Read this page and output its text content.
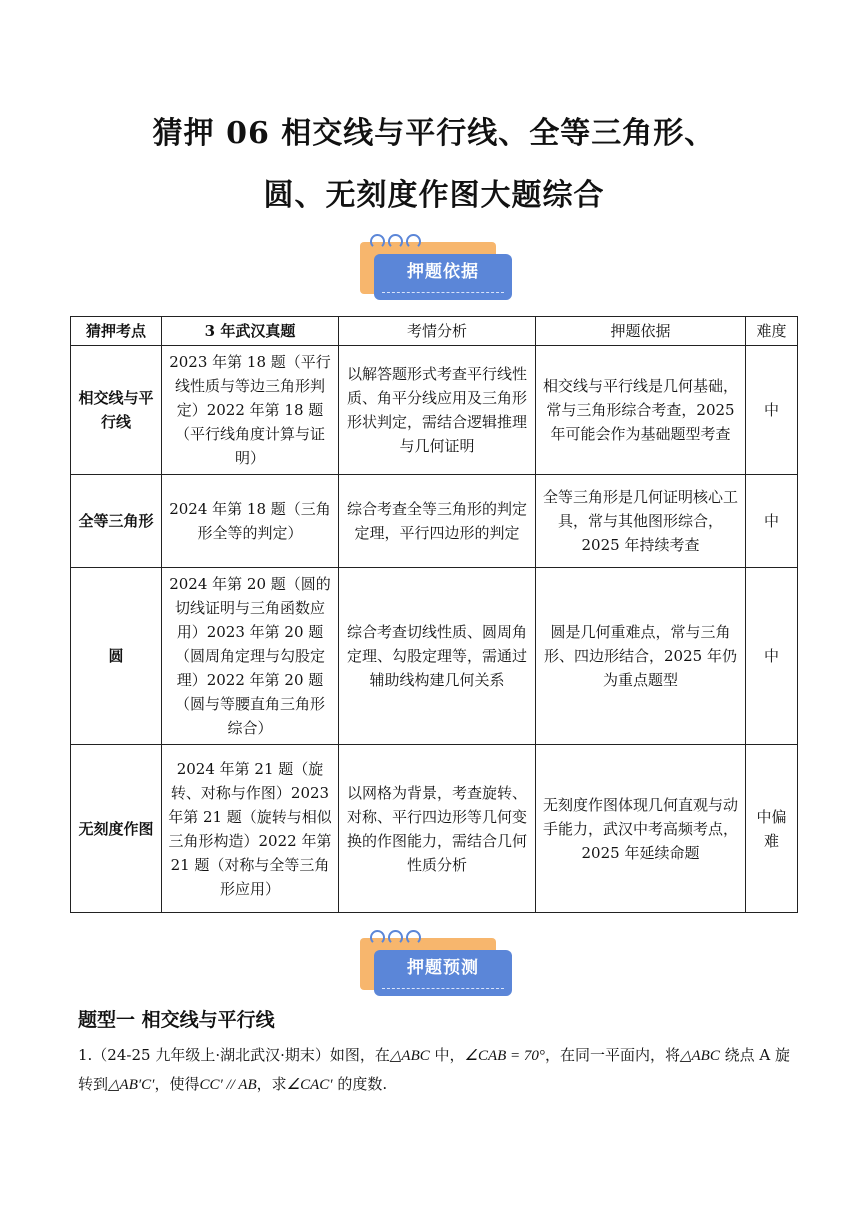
猜押 06 相交线与平行线、全等三角形、
圆、无刻度作图大题综合
押题依据
猜押考点	3 年武汉真题	考情分析	押题依据	难度
相交线与平行线	2023 年第 18 题（平行线性质与等边三角形判定）2022 年第 18 题（平行线角度计算与证明）	以解答题形式考查平行线性质、角平分线应用及三角形形状判定，需结合逻辑推理与几何证明	相交线与平行线是几何基础，常与三角形综合考查，2025 年可能会作为基础题型考查	中
全等三角形	2024 年第 18 题（三角形全等的判定）	综合考查全等三角形的判定定理，平行四边形的判定	全等三角形是几何证明核心工具，常与其他图形综合，2025 年持续考查	中
圆	2024 年第 20 题（圆的切线证明与三角函数应用）2023 年第 20 题（圆周角定理与勾股定理）2022 年第 20 题（圆与等腰直角三角形综合）	综合考查切线性质、圆周角定理、勾股定理等，需通过辅助线构建几何关系	圆是几何重难点，常与三角形、四边形结合，2025 年仍为重点题型	中
无刻度作图	2024 年第 21 题（旋转、对称与作图）2023 年第 21 题（旋转与相似三角形构造）2022 年第 21 题（对称与全等三角形应用）	以网格为背景，考查旋转、对称、平行四边形等几何变换的作图能力，需结合几何性质分析	无刻度作图体现几何直观与动手能力，武汉中考高频考点，2025 年延续命题	中偏难
押题预测
题型一 相交线与平行线
1.（24-25 九年级上·湖北武汉·期末）如图，在△ABC 中，∠CAB = 70°，在同一平面内，将△ABC 绕点 A 旋
转到△AB′C′，使得CC′ // AB，求∠CAC′ 的度数.
